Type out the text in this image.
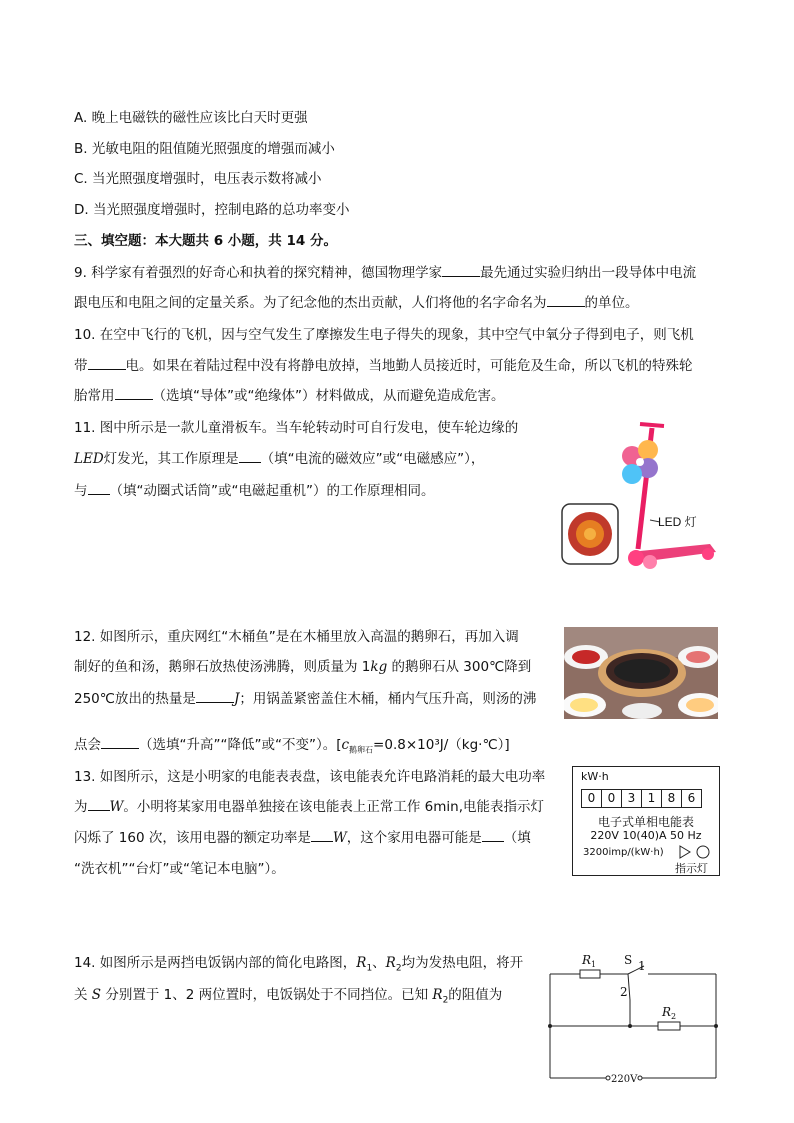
A. 晚上电磁铁的磁性应该比白天时更强
B. 光敏电阻的阻值随光照强度的增强而减小
C. 当光照强度增强时，电压表示数将减小
D. 当光照强度增强时，控制电路的总功率变小
三、填空题：本大题共 6 小题，共 14 分。
9. 科学家有着强烈的好奇心和执着的探究精神，德国物理学家	最先通过实验归纳出一段导体中电流
跟电压和电阻之间的定量关系。为了纪念他的杰出贡献，人们将他的名字命名为	的单位。
10. 在空中飞行的飞机，因与空气发生了摩擦发生电子得失的现象，其中空气中氧分子得到电子，则飞机
带	电。如果在着陆过程中没有将静电放掉，当地勤人员接近时，可能危及生命，所以飞机的特殊轮
胎常用	（选填“导体”或“绝缘体”）材料做成，从而避免造成危害。
11. 图中所示是一款儿童滑板车。当车轮转动时可自行发电，使车轮边缘的
LED灯发光，其工作原理是 （填“电流的磁效应”或“电磁感应”），
与 （填“动圈式话筒”或“电磁起重机”）的工作原理相同。
LED 灯
12. 如图所示，重庆网红“木桶鱼”是在木桶里放入高温的鹅卵石，再加入调
制好的鱼和汤，鹅卵石放热使汤沸腾，则质量为 1kg 的鹅卵石从 300℃降到
250℃放出的热量是	J；用锅盖紧密盖住木桶，桶内气压升高，则汤的沸
点会	（选填“升高”“降低”或“不变”）。$[c_{鹅卵石}=0.8\times 10^3J/(kg\cdot℃)]$
13. 如图所示，这是小明家的电能表表盘，该电能表允许电路消耗的最大电功率
为 W。小明将某家用电器单独接在该电能表上正常工作 6min,电能表指示灯
闪烁了 160 次，该用电器的额定功率是 W，这个家用电器可能是 （填
“洗衣机”“台灯”或“笔记本电脑”）。
kW·h
0	0	3	1	8	6
电子式单相电能表
220V 10(40)A 50 Hz
3200imp/(kW·h)
指示灯
14. 如图所示是两挡电饭锅内部的简化电路图，$R_1$、$R_2$均为发热电阻，将开
关 S 分别置于 1、2 两位置时，电饭锅处于不同挡位。已知 $R_2$的阻值为
R 1 S 1
2
R 2
220V
